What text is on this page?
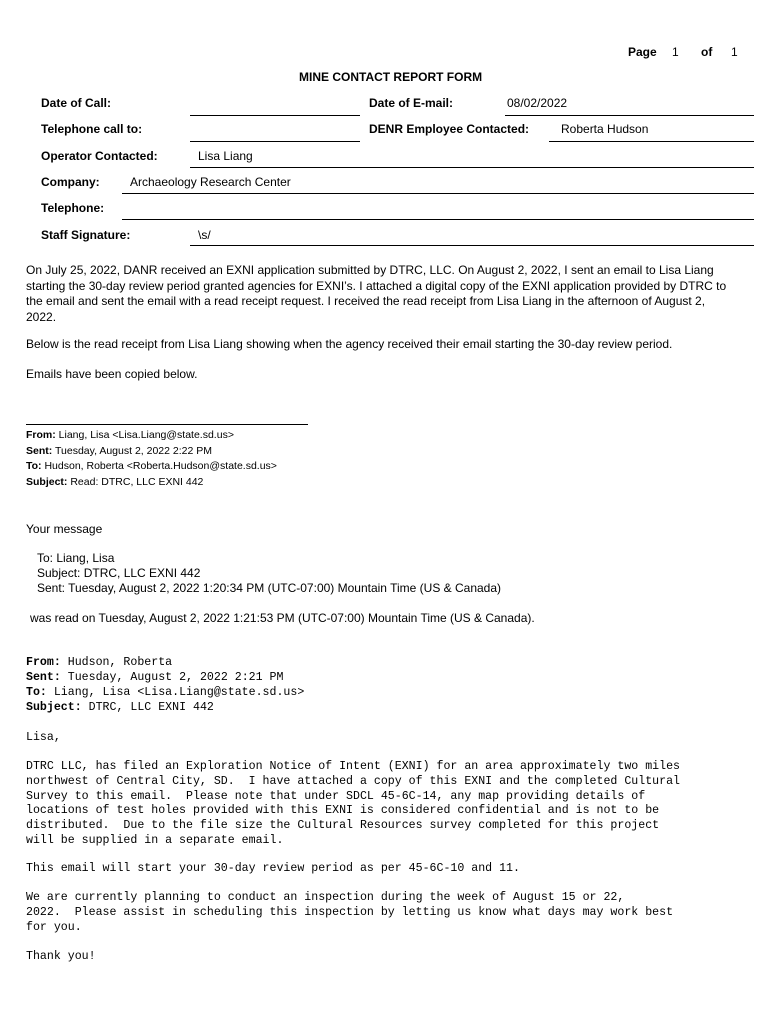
Page 1 of 1
MINE CONTACT REPORT FORM
Date of Call:	Date of E-mail:	08/02/2022
Telephone call to:	DENR Employee Contacted:	Roberta Hudson
Operator Contacted:	Lisa Liang
Company:	Archaeology Research Center
Telephone:
Staff Signature:	\s/
On July 25, 2022, DANR received an EXNI application submitted by DTRC, LLC. On August 2, 2022, I sent an email to Lisa Liang starting the 30-day review period granted agencies for EXNI’s. I attached a digital copy of the EXNI application provided by DTRC to the email and sent the email with a read receipt request. I received the read receipt from Lisa Liang in the afternoon of August 2, 2022.
Below is the read receipt from Lisa Liang showing when the agency received their email starting the 30-day review period.
Emails have been copied below.
From: Liang, Lisa <Lisa.Liang@state.sd.us>
Sent: Tuesday, August 2, 2022 2:22 PM
To: Hudson, Roberta <Roberta.Hudson@state.sd.us>
Subject: Read: DTRC, LLC EXNI 442
Your message
To: Liang, Lisa
Subject: DTRC, LLC EXNI 442
Sent: Tuesday, August 2, 2022 1:20:34 PM (UTC-07:00) Mountain Time (US & Canada)
was read on Tuesday, August 2, 2022 1:21:53 PM (UTC-07:00) Mountain Time (US & Canada).
From: Hudson, Roberta
Sent: Tuesday, August 2, 2022 2:21 PM
To: Liang, Lisa <Lisa.Liang@state.sd.us>
Subject: DTRC, LLC EXNI 442
Lisa,
DTRC LLC, has filed an Exploration Notice of Intent (EXNI) for an area approximately two miles
northwest of Central City, SD.  I have attached a copy of this EXNI and the completed Cultural
Survey to this email.  Please note that under SDCL 45-6C-14, any map providing details of
locations of test holes provided with this EXNI is considered confidential and is not to be
distributed.  Due to the file size the Cultural Resources survey completed for this project
will be supplied in a separate email.
This email will start your 30-day review period as per 45-6C-10 and 11.
We are currently planning to conduct an inspection during the week of August 15 or 22,
2022.  Please assist in scheduling this inspection by letting us know what days may work best
for you.
Thank you!
